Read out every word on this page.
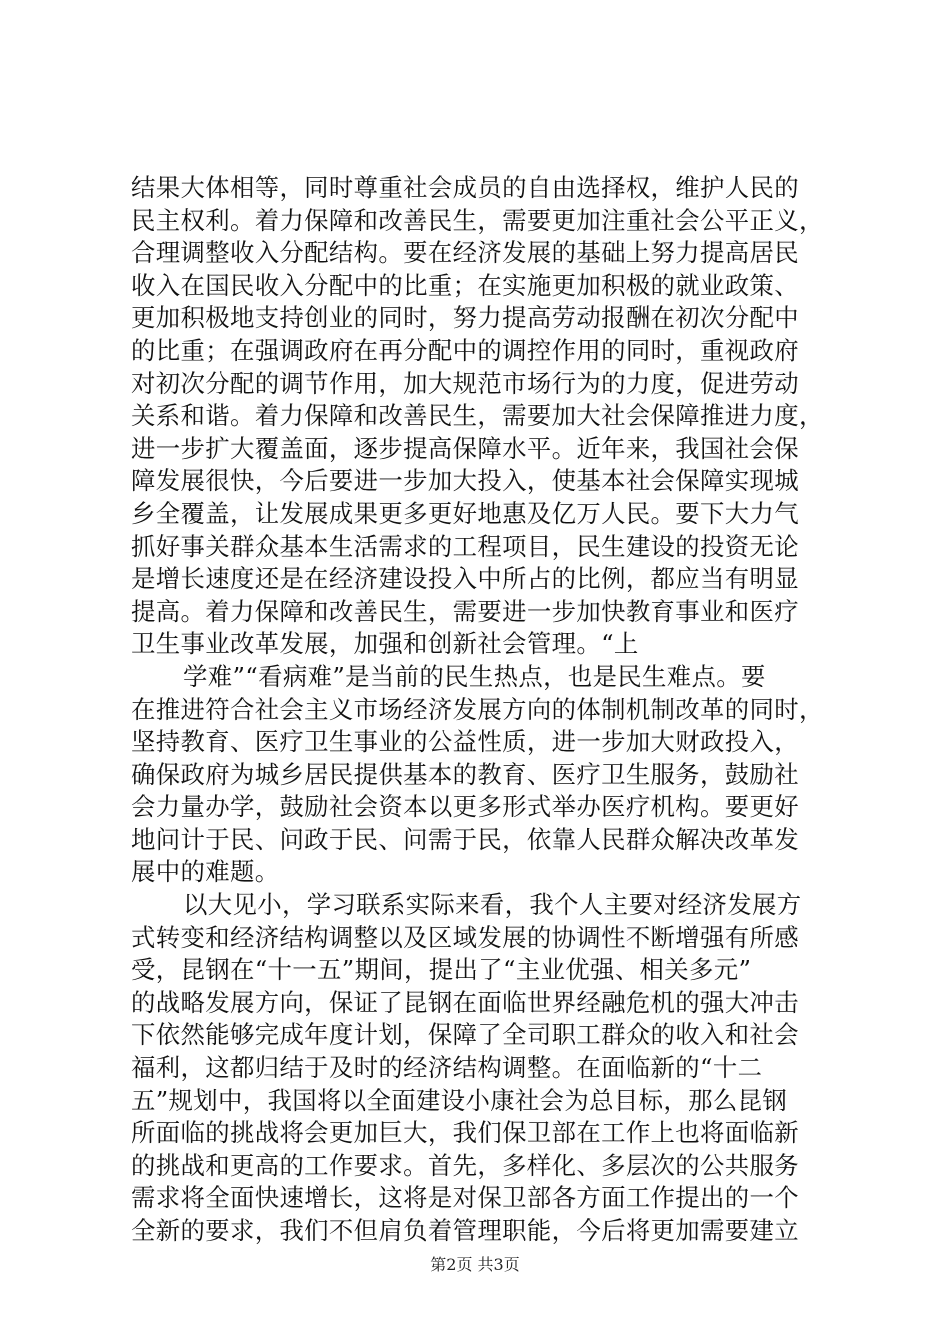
结果大体相等，同时尊重社会成员的自由选择权，维护人民的
民主权利。着力保障和改善民生，需要更加注重社会公平正义，
合理调整收入分配结构。要在经济发展的基础上努力提高居民
收入在国民收入分配中的比重；在实施更加积极的就业政策、
更加积极地支持创业的同时，努力提高劳动报酬在初次分配中
的比重；在强调政府在再分配中的调控作用的同时，重视政府
对初次分配的调节作用，加大规范市场行为的力度，促进劳动
关系和谐。着力保障和改善民生，需要加大社会保障推进力度，
进一步扩大覆盖面，逐步提高保障水平。近年来，我国社会保
障发展很快，今后要进一步加大投入，使基本社会保障实现城
乡全覆盖，让发展成果更多更好地惠及亿万人民。要下大力气
抓好事关群众基本生活需求的工程项目，民生建设的投资无论
是增长速度还是在经济建设投入中所占的比例，都应当有明显
提高。着力保障和改善民生，需要进一步加快教育事业和医疗
卫生事业改革发展，加强和创新社会管理。“上
学难”“看病难”是当前的民生热点，也是民生难点。要
在推进符合社会主义市场经济发展方向的体制机制改革的同时，
坚持教育、医疗卫生事业的公益性质，进一步加大财政投入，
确保政府为城乡居民提供基本的教育、医疗卫生服务，鼓励社
会力量办学，鼓励社会资本以更多形式举办医疗机构。要更好
地问计于民、问政于民、问需于民，依靠人民群众解决改革发
展中的难题。
以大见小，学习联系实际来看，我个人主要对经济发展方
式转变和经济结构调整以及区域发展的协调性不断增强有所感
受，昆钢在“十一五”期间，提出了“主业优强、相关多元”
的战略发展方向，保证了昆钢在面临世界经融危机的强大冲击
下依然能够完成年度计划，保障了全司职工群众的收入和社会
福利，这都归结于及时的经济结构调整。在面临新的“十二
五”规划中，我国将以全面建设小康社会为总目标，那么昆钢
所面临的挑战将会更加巨大，我们保卫部在工作上也将面临新
的挑战和更高的工作要求。首先，多样化、多层次的公共服务
需求将全面快速增长，这将是对保卫部各方面工作提出的一个
全新的要求，我们不但肩负着管理职能，今后将更加需要建立
第2页 共3页
